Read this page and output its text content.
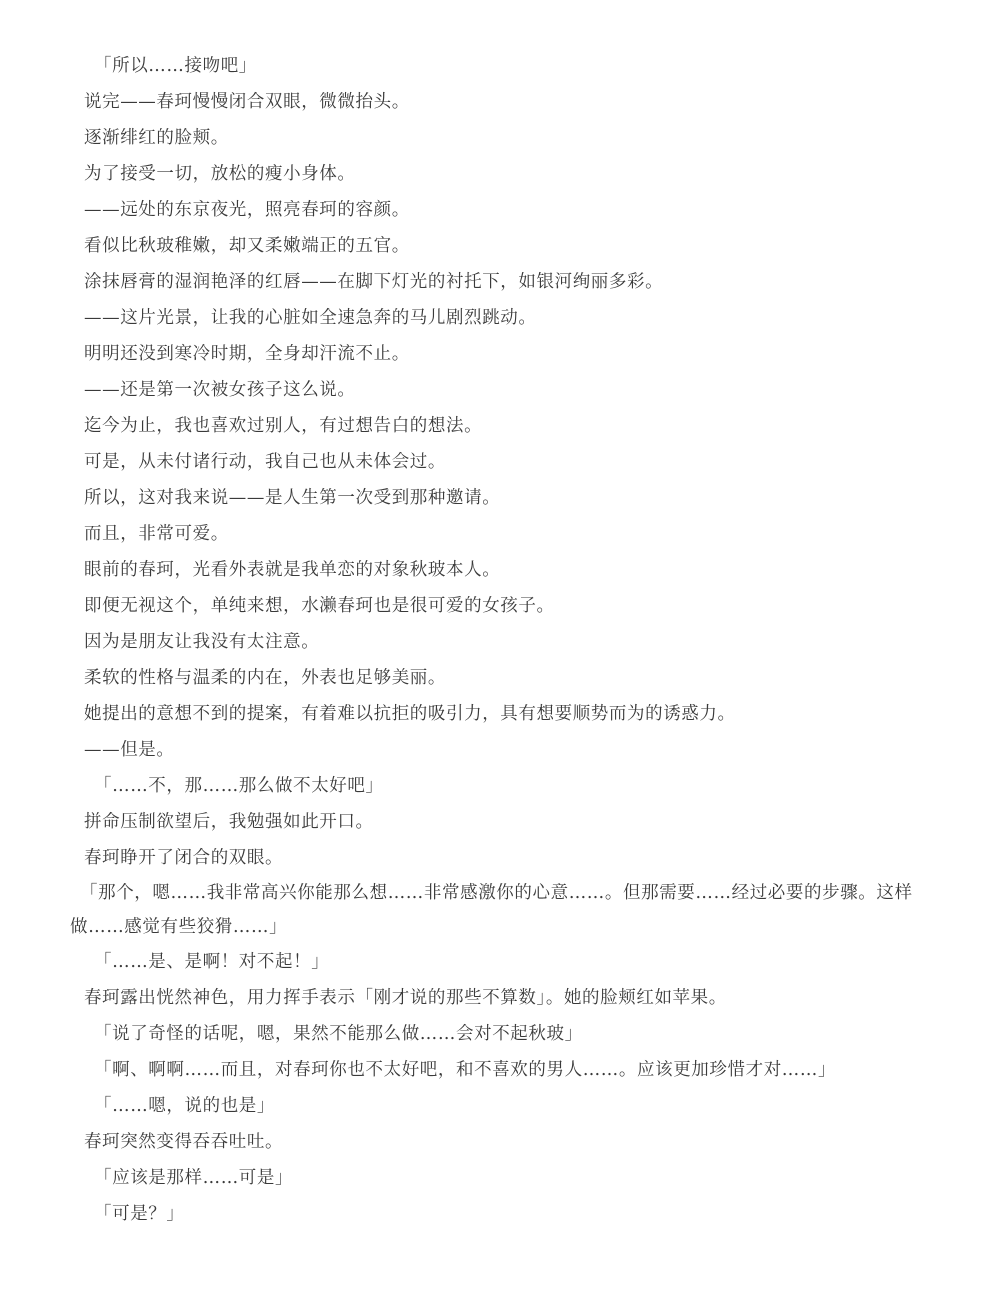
「所以……接吻吧」

说完——春珂慢慢闭合双眼，微微抬头。

逐渐绯红的脸颊。

为了接受一切，放松的瘦小身体。

——远处的东京夜光，照亮春珂的容颜。

看似比秋玻稚嫩，却又柔嫩端正的五官。

涂抹唇膏的湿润艳泽的红唇——在脚下灯光的衬托下，如银河绚丽多彩。

——这片光景，让我的心脏如全速急奔的马儿剧烈跳动。

明明还没到寒冷时期，全身却汗流不止。

——还是第一次被女孩子这么说。

迄今为止，我也喜欢过别人，有过想告白的想法。

可是，从未付诸行动，我自己也从未体会过。

所以，这对我来说——是人生第一次受到那种邀请。

而且，非常可爱。

眼前的春珂，光看外表就是我单恋的对象秋玻本人。

即便无视这个，单纯来想，水濑春珂也是很可爱的女孩子。

因为是朋友让我没有太注意。

柔软的性格与温柔的内在，外表也足够美丽。

她提出的意想不到的提案，有着难以抗拒的吸引力，具有想要顺势而为的诱惑力。

——但是。

「……不，那……那么做不太好吧」

拼命压制欲望后，我勉强如此开口。

春珂睁开了闭合的双眼。

「那个，嗯……我非常高兴你能那么想……非常感激你的心意……。但那需要……经过必要的步骤。这样做……感觉有些狡猾……」

「……是、是啊！对不起！」

春珂露出恍然神色，用力挥手表示「刚才说的那些不算数」。她的脸颊红如苹果。

「说了奇怪的话呢，嗯，果然不能那么做……会对不起秋玻」

「啊、啊啊……而且，对春珂你也不太好吧，和不喜欢的男人……。应该更加珍惜才对……」

「……嗯，说的也是」

春珂突然变得吞吞吐吐。

「应该是那样……可是」

「可是？」
